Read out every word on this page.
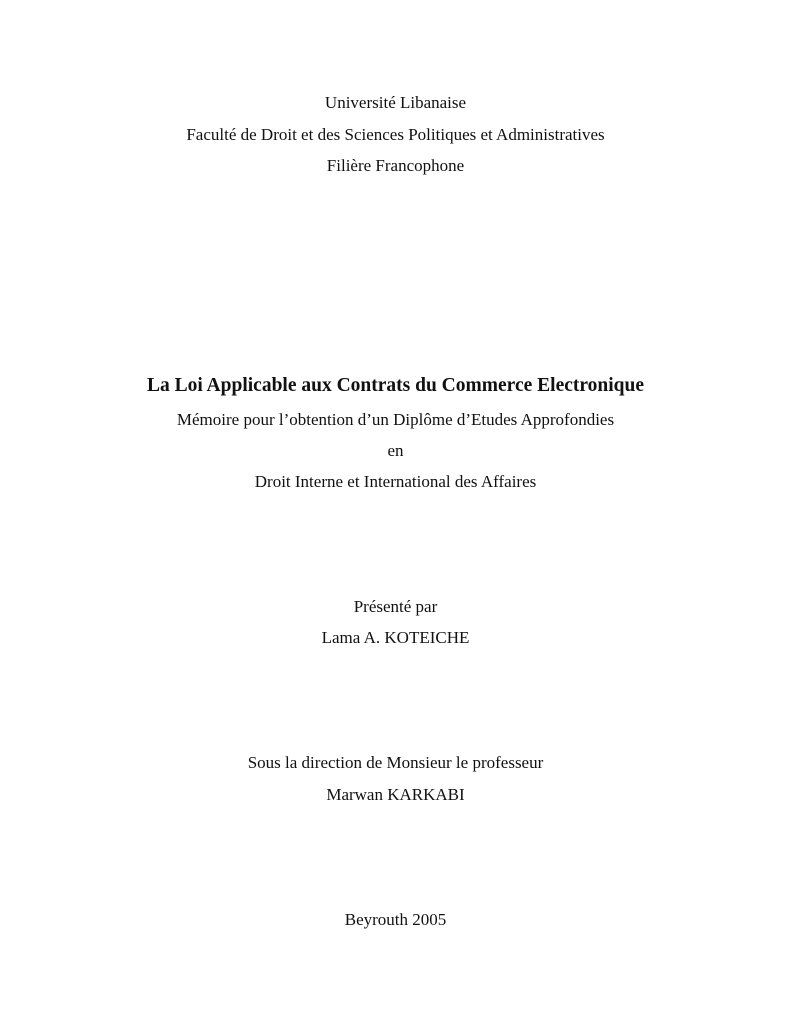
Université Libanaise
Faculté de Droit et des Sciences Politiques et Administratives
Filière Francophone
La Loi Applicable aux Contrats du Commerce Electronique
Mémoire pour l’obtention d’un Diplôme d’Etudes Approfondies
en
Droit Interne et International des Affaires
Présenté par
Lama A. KOTEICHE
Sous la direction de Monsieur le professeur
Marwan KARKABI
Beyrouth 2005
